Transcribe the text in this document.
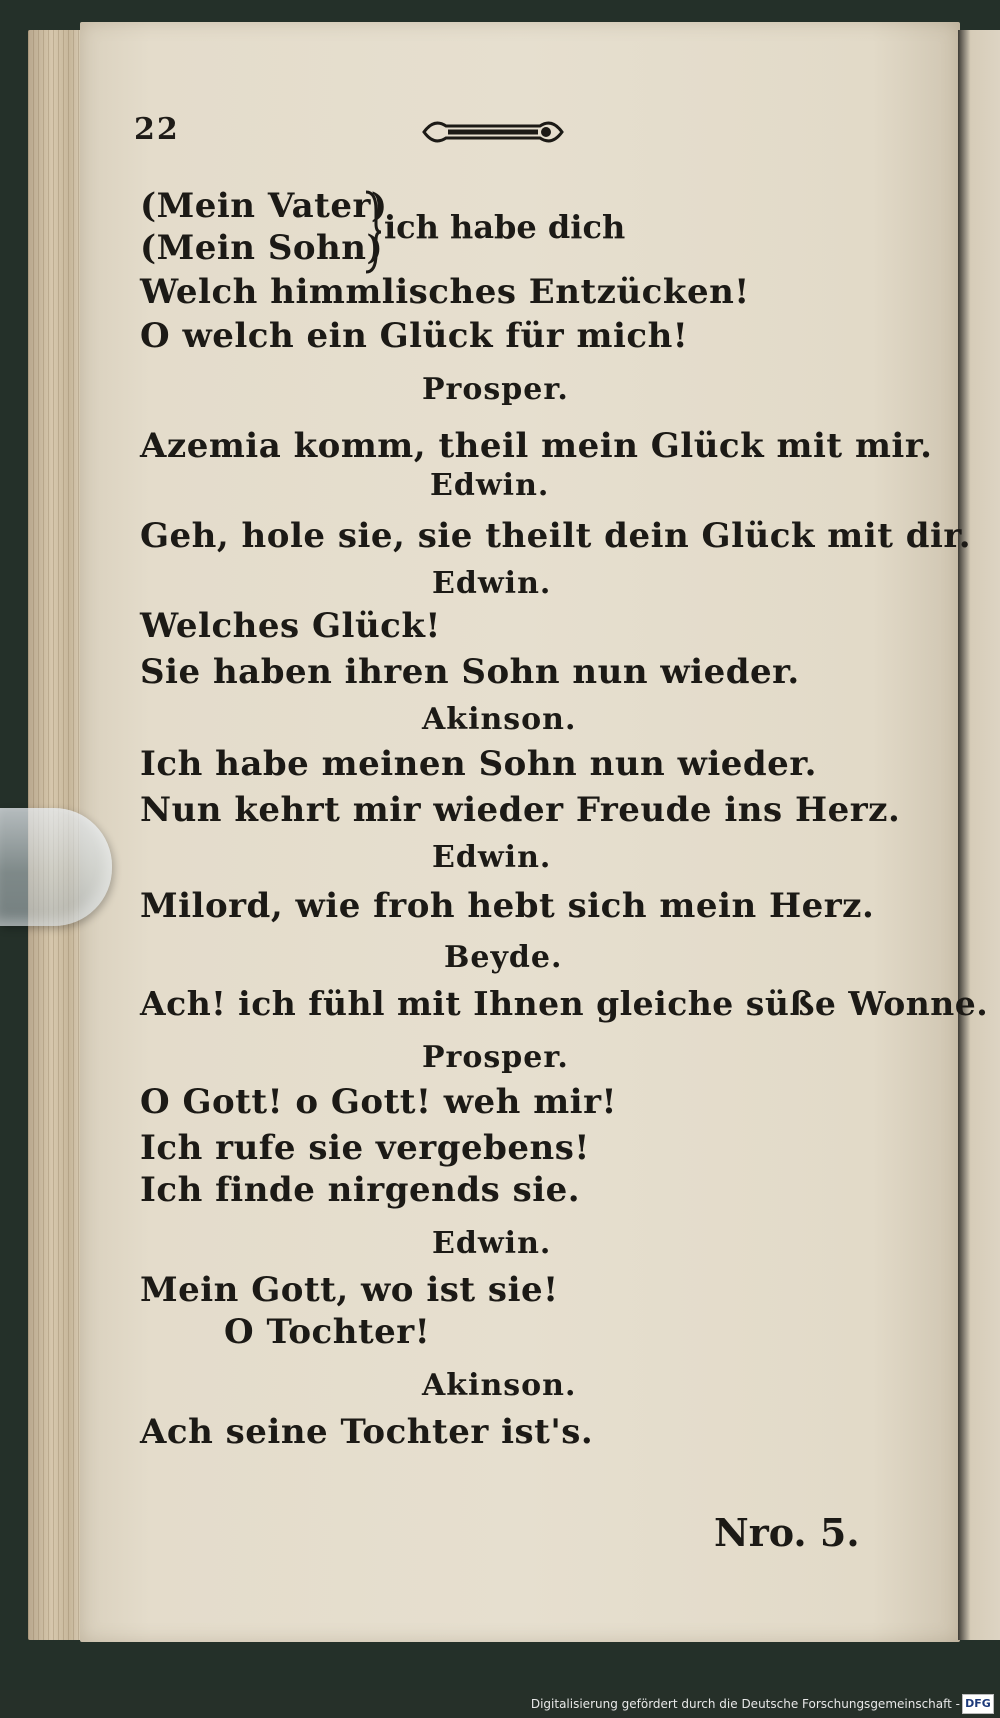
22
(Mein Vater)
(Mein Sohn)
ich habe dich
Welch himmlisches Entzücken!
O welch ein Glück für mich!
Prosper.
Azemia komm, theil mein Glück mit mir.
Edwin.
Geh, hole sie, sie theilt dein Glück mit dir.
Edwin.
Welches Glück!
Sie haben ihren Sohn nun wieder.
Akinson.
Ich habe meinen Sohn nun wieder.
Nun kehrt mir wieder Freude ins Herz.
Edwin.
Milord, wie froh hebt sich mein Herz.
Beyde.
Ach! ich fühl mit Ihnen gleiche süße Wonne.
Prosper.
O Gott! o Gott! weh mir!
Ich rufe sie vergebens!
Ich finde nirgends sie.
Edwin.
Mein Gott, wo ist sie!
O Tochter!
Akinson.
Ach seine Tochter ist's.
Nro. 5.
Digitalisierung gefördert durch die Deutsche Forschungsgemeinschaft - DFG
